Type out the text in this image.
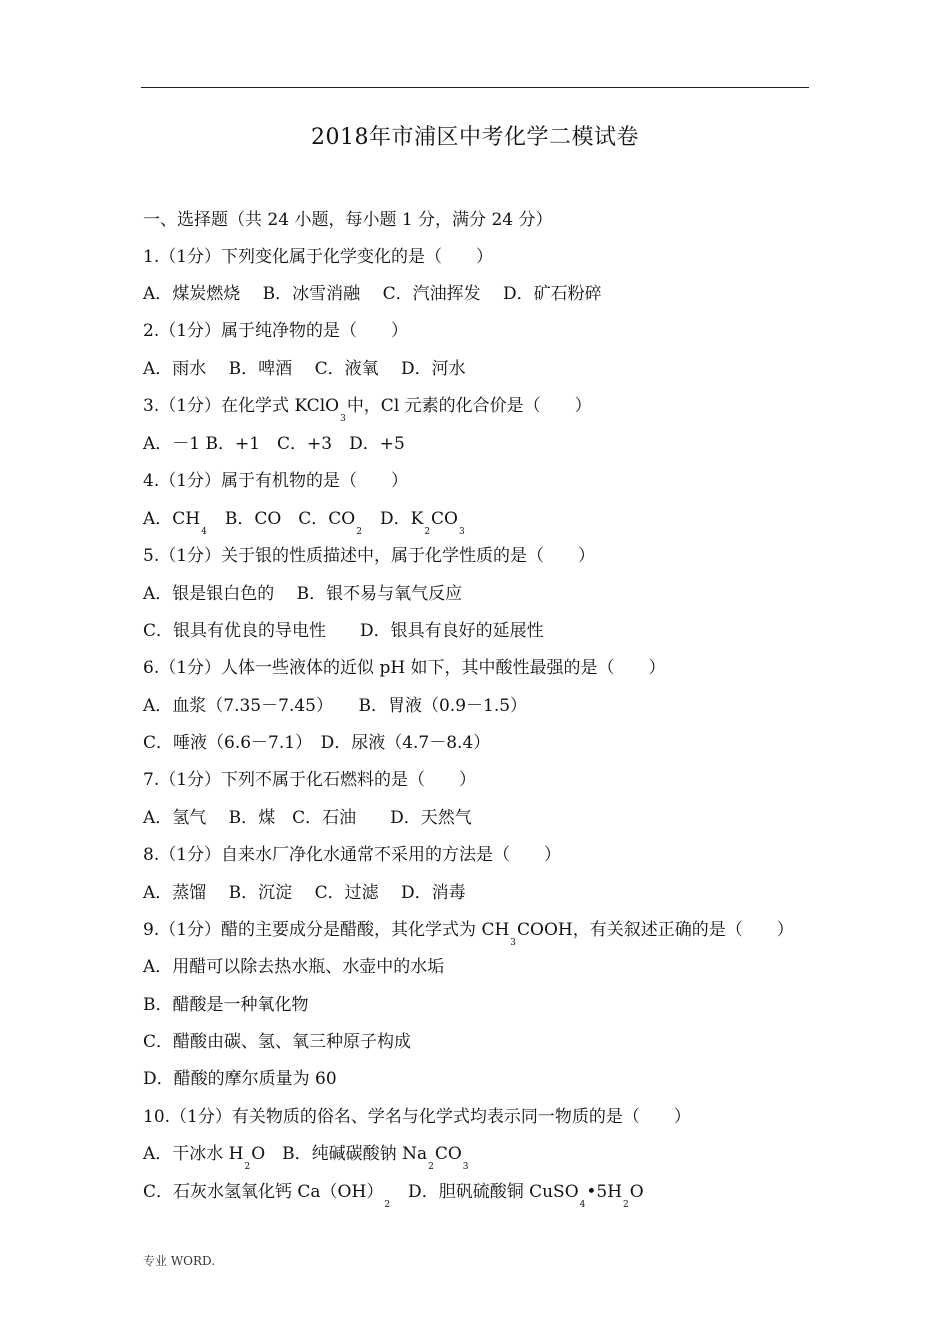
2018年市浦区中考化学二模试卷
一、选择题（共 24 小题，每小题 1 分，满分 24 分）
1.（1分）下列变化属于化学变化的是（　　）
A．煤炭燃烧　 B．冰雪消融　 C．汽油挥发　 D．矿石粉碎
2.（1分）属于纯净物的是（　　）
A．雨水　 B．啤酒　 C．液氧　 D．河水
3.（1分）在化学式 KClO$_3$中，Cl 元素的化合价是（　　）
A．－1 B．+1　C．+3　D．+5
4.（1分）属于有机物的是（　　）
A．$CH_4$　B．CO　C．$CO_2$　D．$K_2CO_3$
5.（1分）关于银的性质描述中，属于化学性质的是（　　）
A．银是银白色的　 B．银不易与氧气反应
C．银具有优良的导电性　　D．银具有良好的延展性
6.（1分）人体一些液体的近似 pH 如下，其中酸性最强的是（　　）
A．血浆（7.35－7.45）　　B．胃液（0.9－1.5）
C．唾液（6.6－7.1）　D．尿液（4.7－8.4）
7.（1分）下列不属于化石燃料的是（　　）
A．氢气　 B．煤　C．石油　　D．天然气
8.（1分）自来水厂净化水通常不采用的方法是（　　）
A．蒸馏　 B．沉淀　 C．过滤　 D．消毒
9.（1分）醋的主要成分是醋酸，其化学式为 $CH_3COOH$，有关叙述正确的是（　　）
A．用醋可以除去热水瓶、水壶中的水垢
B．醋酸是一种氧化物
C．醋酸由碳、氢、氧三种原子构成
D．醋酸的摩尔质量为 60
10.（1分）有关物质的俗名、学名与化学式均表示同一物质的是（　　）
A．干冰水 $H_2O$　B．纯碱碳酸钠 $Na_2CO_3$
C．石灰水氢氧化钙 $Ca(OH)_2$　D．胆矾硫酸铜 $CuSO_4•5H_2O$
专业 WORD.
